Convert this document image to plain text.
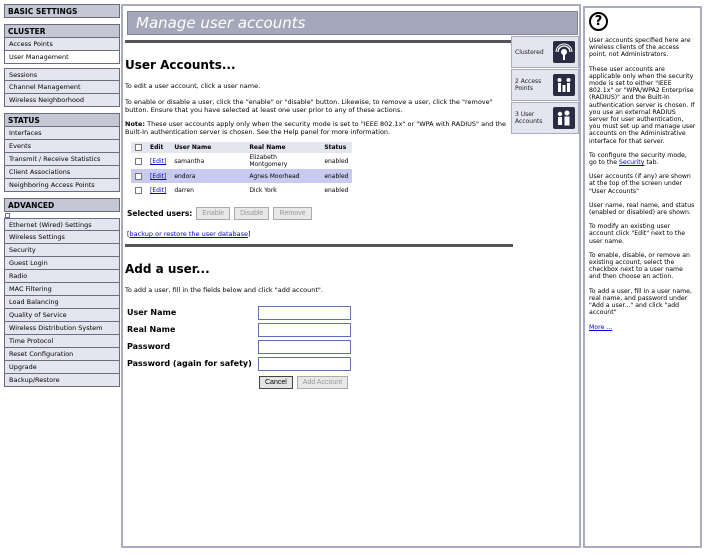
BASIC SETTINGS
CLUSTER
Access Points
User Management
Sessions
Channel Management
Wireless Neighborhood
STATUS
Interfaces
Events
Transmit / Receive Statistics
Client Associations
Neighboring Access Points
ADVANCED
Ethernet (Wired) Settings
Wireless Settings
Security
Guest Login
Radio
MAC Filtering
Load Balancing
Quality of Service
Wireless Distribution System
Time Protocol
Reset Configuration
Upgrade
Backup/Restore
Manage user accounts
User Accounts...

To edit a user account, click a user name.

To enable or disable a user, click the "enable" or "disable" button. Likewise, to remove a user, click the "remove" button. Ensure that you have selected at least one user prior to any of these actions.

Note: These user accounts apply only when the security mode is set to "IEEE 802.1x" or "WPA with RADIUS" and the Built-In authentication server is chosen. See the Help panel for more information.

	Edit	User Name	Real Name	Status
	[Edit]	samantha	Elizabeth Montgomery	enabled
	[Edit]	endora	Agnes Moorhead	enabled
	[Edit]	darren	Dick York	enabled
Selected users:	Enable	Disable	Remove
[backup or restore the user database]
Add a user...

To add a user, fill in the fields below and click "add account".

User Name
Real Name
Password
Password (again for safety)
Cancel	Add Account
Clustered
2 Access Points
3 User Accounts
?

User accounts specified here are wireless clients of the access point, not Administrators.

These user accounts are applicable only when the security mode is set to either "IEEE 802.1x" or "WPA/WPA2 Enterprise (RADIUS)" and the Built-In authentication server is chosen. If you use an external RADIUS server for user authentication, you must set up and manage user accounts on the Administrative interface for that server.

To configure the security mode, go to the Security tab.

User accounts (if any) are shown at the top of the screen under "User Accounts"

User name, real name, and status (enabled or disabled) are shown.

To modify an existing user account click "Edit" next to the user name.

To enable, disable, or remove an existing account, select the checkbox next to a user name and then choose an action.

To add a user, fill in a user name, real name, and password under "Add a user..." and click "add account"

More ...
